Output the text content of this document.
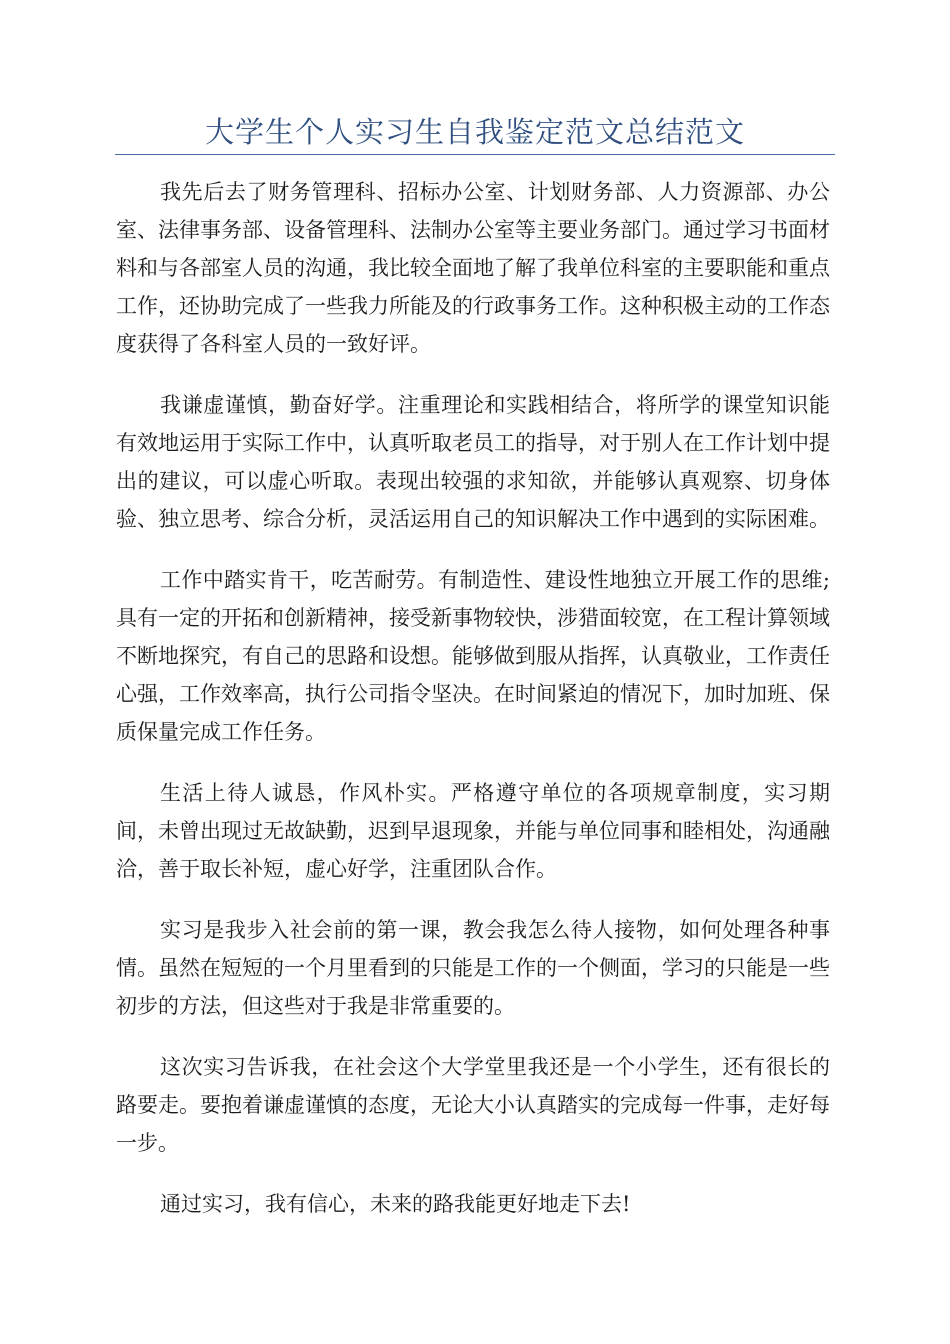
大学生个人实习生自我鉴定范文总结范文

我先后去了财务管理科、招标办公室、计划财务部、人力资源部、办公室、法律事务部、设备管理科、法制办公室等主要业务部门。通过学习书面材料和与各部室人员的沟通，我比较全面地了解了我单位科室的主要职能和重点工作，还协助完成了一些我力所能及的行政事务工作。这种积极主动的工作态度获得了各科室人员的一致好评。

我谦虚谨慎，勤奋好学。注重理论和实践相结合，将所学的课堂知识能有效地运用于实际工作中，认真听取老员工的指导，对于别人在工作计划中提出的建议，可以虚心听取。表现出较强的求知欲，并能够认真观察、切身体验、独立思考、综合分析，灵活运用自己的知识解决工作中遇到的实际困难。

工作中踏实肯干，吃苦耐劳。有制造性、建设性地独立开展工作的思维;具有一定的开拓和创新精神，接受新事物较快，涉猎面较宽，在工程计算领域不断地探究，有自己的思路和设想。能够做到服从指挥，认真敬业，工作责任心强，工作效率高，执行公司指令坚决。在时间紧迫的情况下，加时加班、保质保量完成工作任务。

生活上待人诚恳，作风朴实。严格遵守单位的各项规章制度，实习期间，未曾出现过无故缺勤，迟到早退现象，并能与单位同事和睦相处，沟通融洽，善于取长补短，虚心好学，注重团队合作。

实习是我步入社会前的第一课，教会我怎么待人接物，如何处理各种事情。虽然在短短的一个月里看到的只能是工作的一个侧面，学习的只能是一些初步的方法，但这些对于我是非常重要的。

这次实习告诉我，在社会这个大学堂里我还是一个小学生，还有很长的路要走。要抱着谦虚谨慎的态度，无论大小认真踏实的完成每一件事，走好每一步。

通过实习，我有信心，未来的路我能更好地走下去!
